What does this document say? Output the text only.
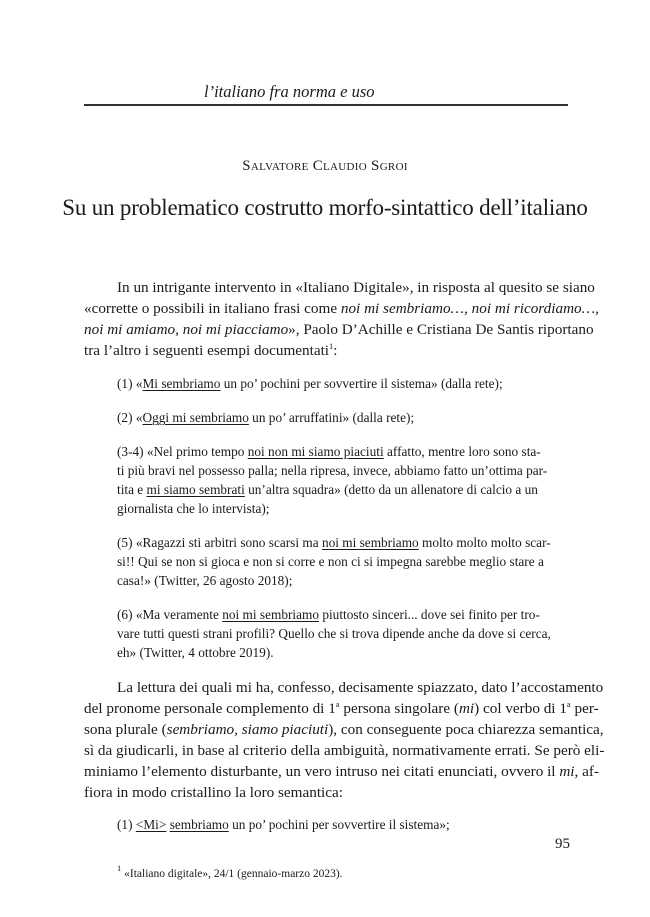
l’italiano fra norma e uso
Salvatore Claudio Sgroi
Su un problematico costrutto morfo-sintattico dell’italiano
In un intrigante intervento in «Italiano Digitale», in risposta al quesito se siano
«corrette o possibili in italiano frasi come noi mi sembriamo…, noi mi ricordiamo…,
noi mi amiamo, noi mi piacciamo», Paolo D’Achille e Cristiana De Santis riportano
tra l’altro i seguenti esempi documentati$^1$:
(1) «Mi sembriamo un po’ pochini per sovvertire il sistema» (dalla rete);
(2) «Oggi mi sembriamo un po’ arruffatini» (dalla rete);
(3-4) «Nel primo tempo noi non mi siamo piaciuti affatto, mentre loro sono sta-
ti più bravi nel possesso palla; nella ripresa, invece, abbiamo fatto un’ottima par-
tita e mi siamo sembrati un’altra squadra» (detto da un allenatore di calcio a un
giornalista che lo intervista);
(5) «Ragazzi sti arbitri sono scarsi ma noi mi sembriamo molto molto molto scar-
si!! Qui se non si gioca e non si corre e non ci si impegna sarebbe meglio stare a
casa!» (Twitter, 26 agosto 2018);
(6) «Ma veramente noi mi sembriamo piuttosto sinceri... dove sei finito per tro-
vare tutti questi strani profili? Quello che si trova dipende anche da dove si cerca,
eh» (Twitter, 4 ottobre 2019).
La lettura dei quali mi ha, confesso, decisamente spiazzato, dato l’accostamento
del pronome personale complemento di 1$^a$ persona singolare (mi) col verbo di 1$^a$ per-
sona plurale (sembriamo, siamo piaciuti), con conseguente poca chiarezza semantica,
sì da giudicarli, in base al criterio della ambiguità, normativamente errati. Se però eli-
miniamo l’elemento disturbante, un vero intruso nei citati enunciati, ovvero il mi, af-
fiora in modo cristallino la loro semantica:
(1) <Mi> sembriamo un po’ pochini per sovvertire il sistema»;
$^1$ «Italiano digitale», 24/1 (gennaio-marzo 2023).
95
